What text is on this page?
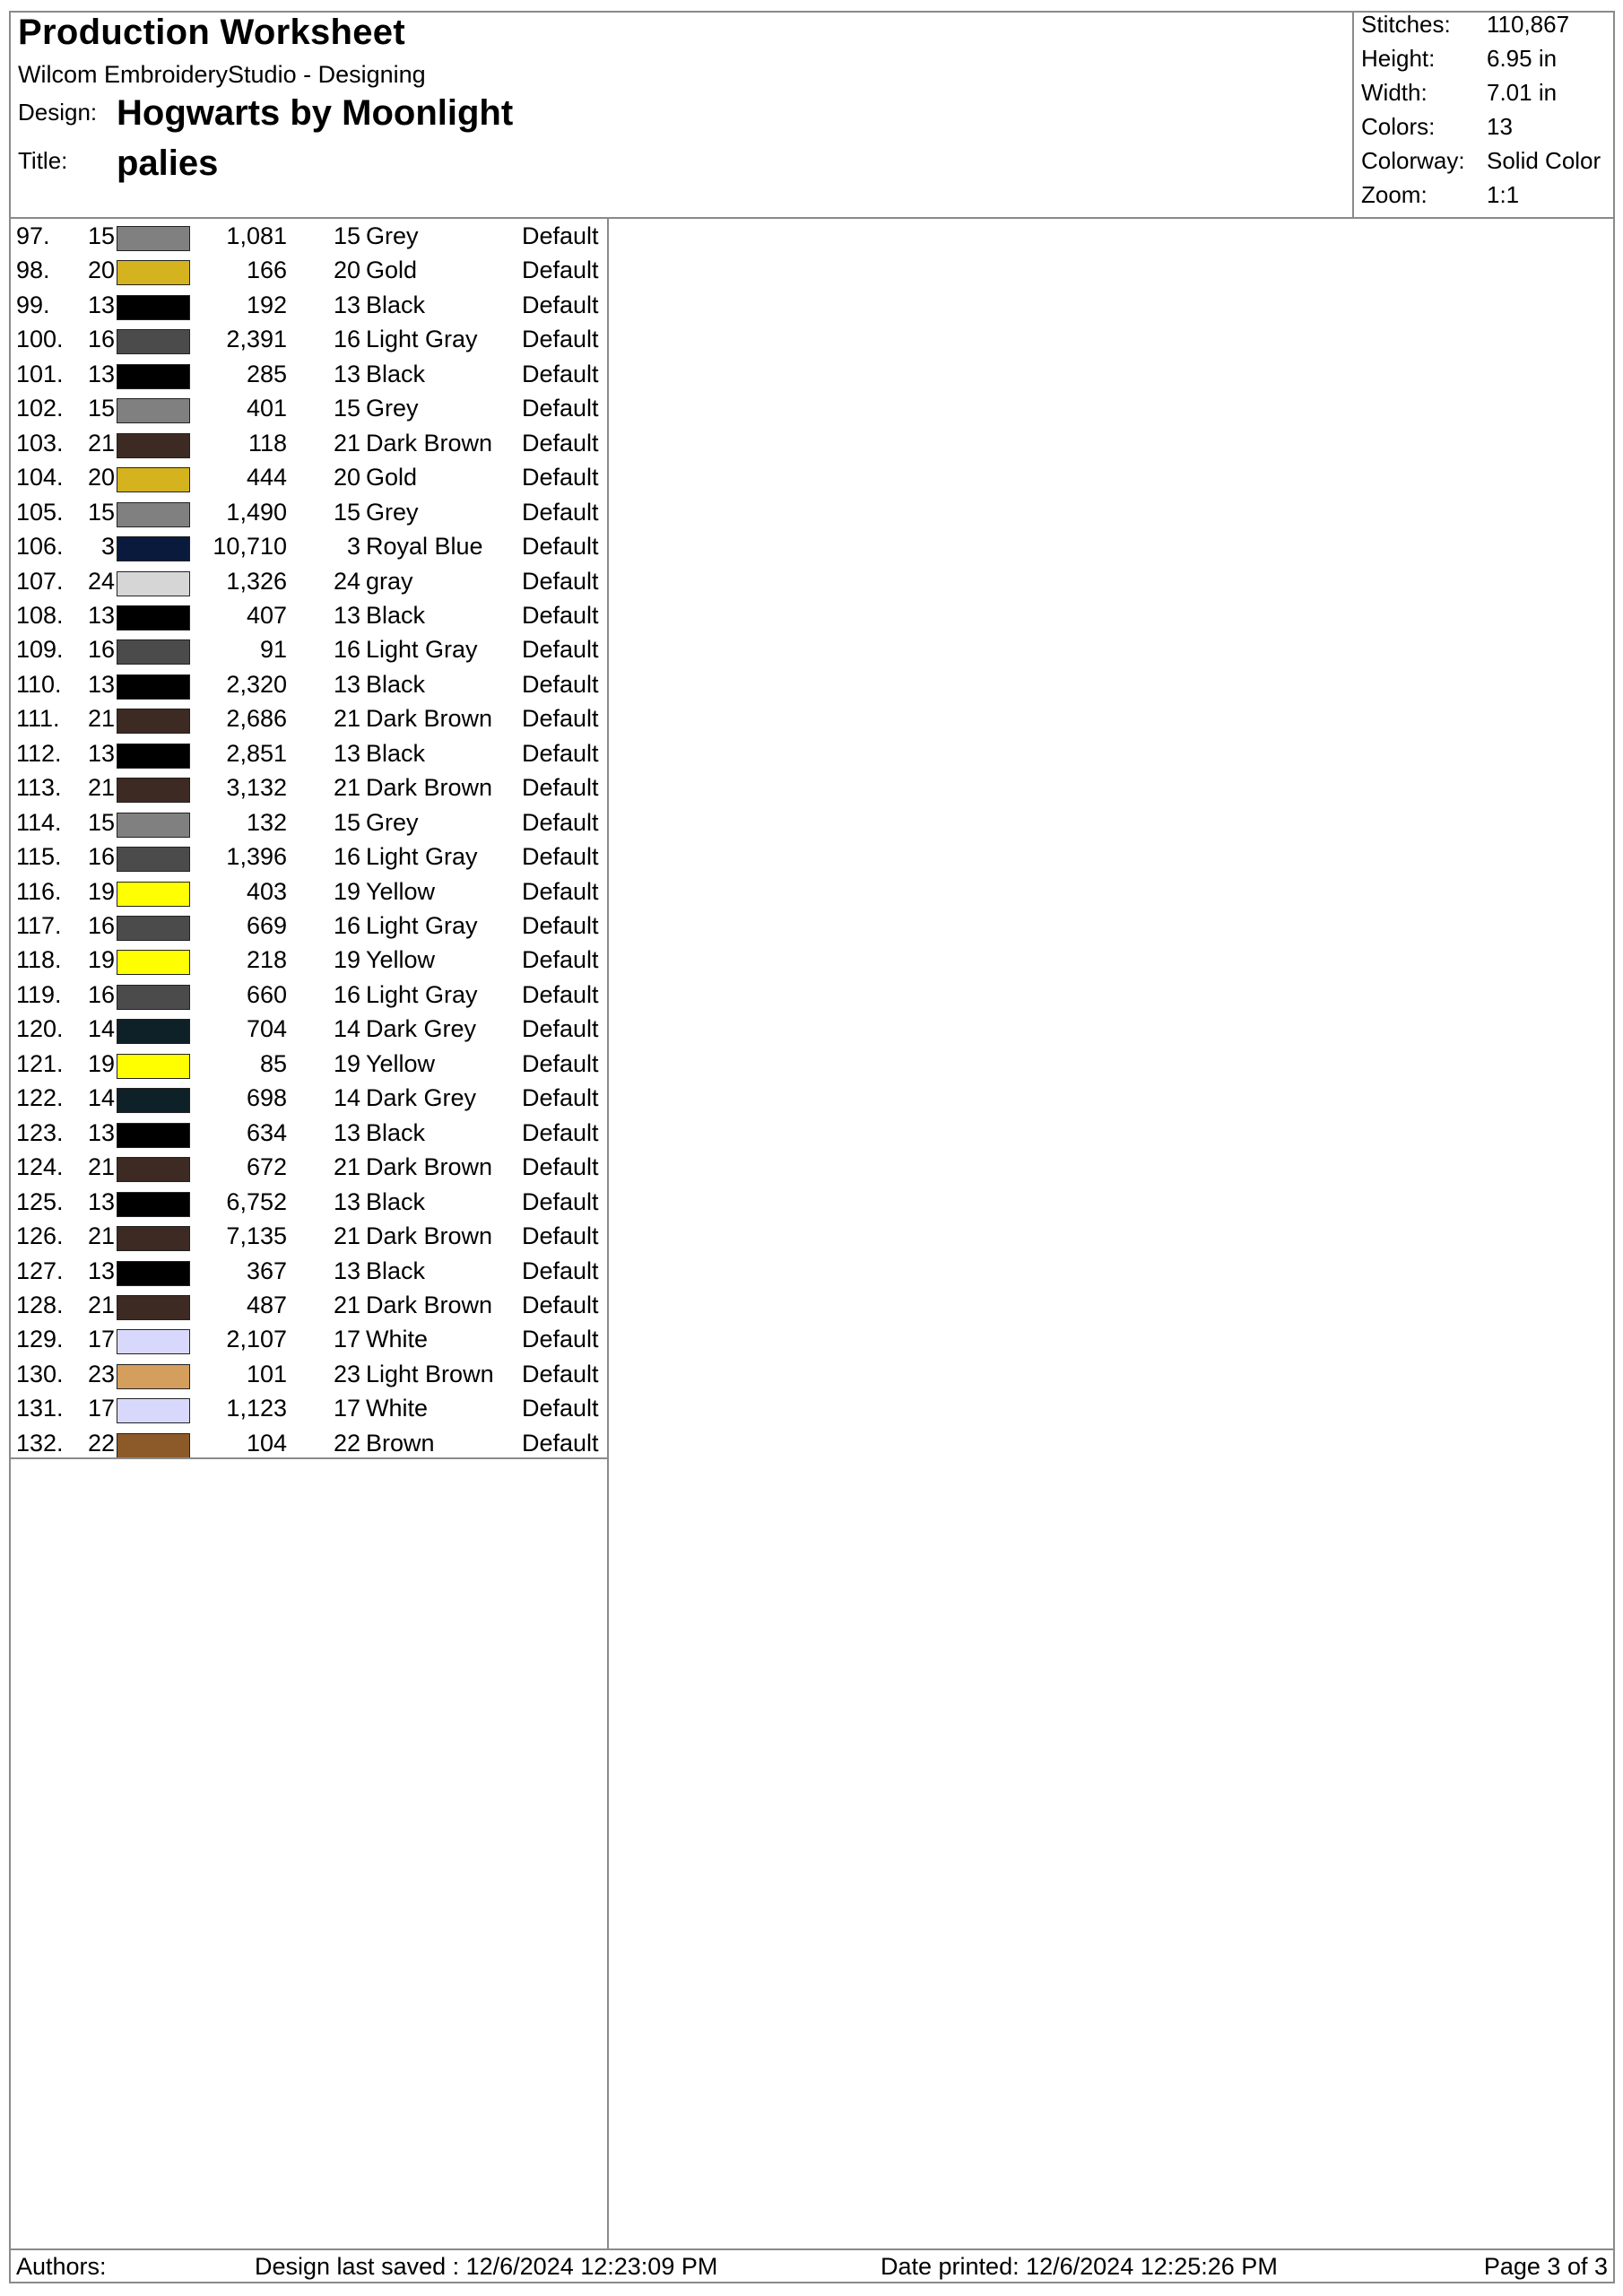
Production Worksheet
Wilcom EmbroideryStudio - Designing
Design: Hogwarts by Moonlight
Title: palies
Stitches: 110,867
Height: 6.95 in
Width:	7.01 in
Colors: 13
Colorway: Solid Color
Zoom:	1:1
97.	15	1,081	15 Grey	Default
98.	20	166	20 Gold	Default
99.	13	192	13 Black	Default
100.	16	2,391	16 Light Gray Default
101.	13	285	13 Black	Default
102.	15	401	15 Grey	Default
103.	21	118	21 Dark Brown Default
104.	20	444	20 Gold	Default
105.	15	1,490	15 Grey	Default
106.	3	10,710	3 Royal Blue Default
107.	24	1,326	24 gray	Default
108.	13	407	13 Black	Default
109.	16	91	16 Light Gray Default
110.	13	2,320	13 Black	Default
111.	21	2,686	21 Dark Brown Default
112.	13	2,851	13 Black	Default
113.	21	3,132	21 Dark Brown Default
114.	15	132	15 Grey	Default
115.	16	1,396	16 Light Gray Default
116.	19	403	19 Yellow	Default
117.	16	669	16 Light Gray Default
118.	19	218	19 Yellow	Default
119.	16	660	16 Light Gray Default
120.	14	704	14 Dark Grey Default
121.	19	85	19 Yellow	Default
122.	14	698	14 Dark Grey Default
123.	13	634	13 Black	Default
124.	21	672	21 Dark Brown Default
125.	13	6,752	13 Black	Default
126.	21	7,135	21 Dark Brown Default
127.	13	367	13 Black	Default
128.	21	487	21 Dark Brown Default
129.	17	2,107	17 White	Default
130.	23	101	23 Light Brown Default
131.	17	1,123	17 White	Default
132.	22	104	22 Brown	Default
Authors:	Design last saved : 12/6/2024 12:23:09 PM	Date printed: 12/6/2024 12:25:26 PM	Page 3 of 3
